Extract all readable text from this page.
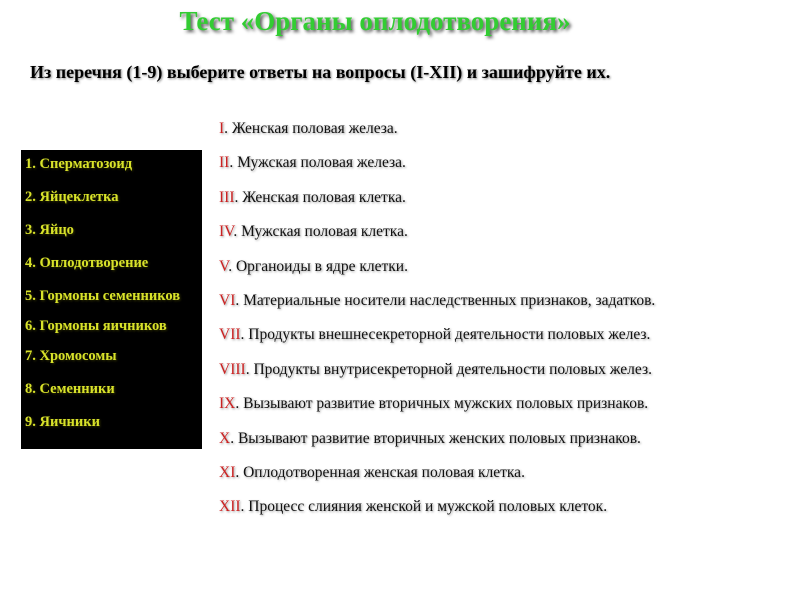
Тест «Органы оплодотворения»
Из перечня (1-9) выберите ответы на вопросы (I-XII) и зашифруйте их.
1. Сперматозоид
2. Яйцеклетка
3. Яйцо
4. Оплодотворение
5. Гормоны семенников
6. Гормоны яичников
7. Хромосомы
8. Семенники
9. Яичники
I. Женская половая железа.
II. Мужская половая железа.
III. Женская половая клетка.
IV. Мужская половая клетка.
V. Органоиды в ядре клетки.
VI. Материальные носители наследственных признаков, задатков.
VII. Продукты внешнесекреторной деятельности половых желез.
VIII. Продукты внутрисекреторной деятельности половых желез.
IX. Вызывают развитие вторичных мужских половых признаков.
X. Вызывают развитие вторичных женских половых признаков.
XI. Оплодотворенная женская половая клетка.
XII. Процесс слияния женской и мужской половых клеток.
